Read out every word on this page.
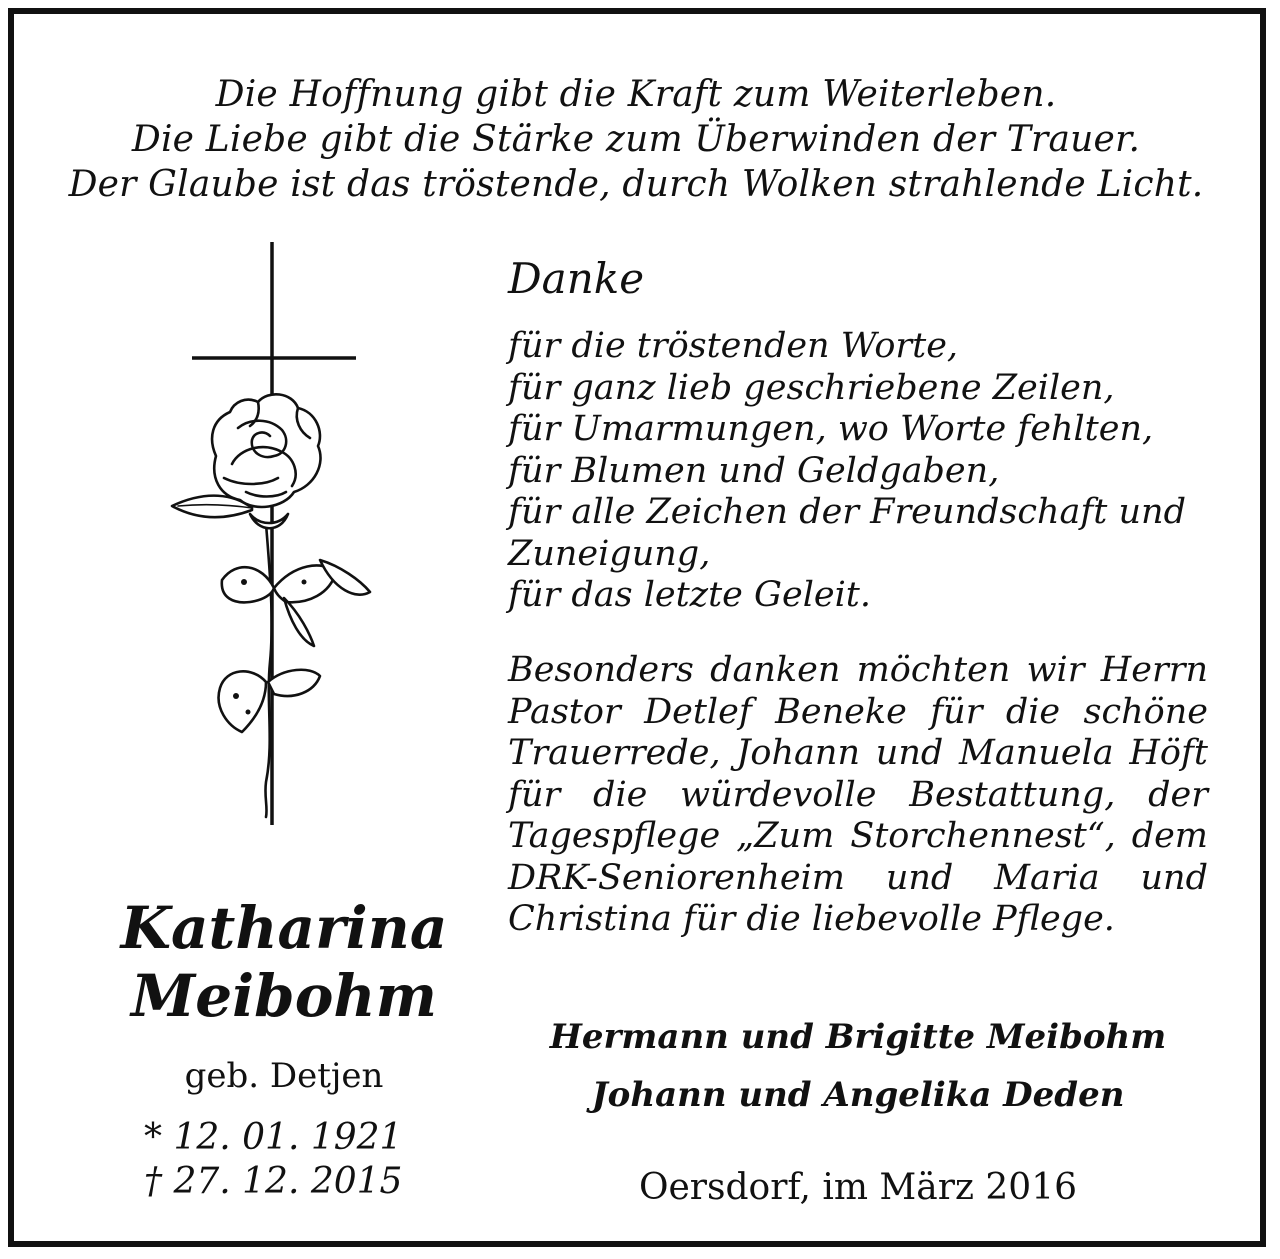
Die Hoffnung gibt die Kraft zum Weiterleben.
Die Liebe gibt die Stärke zum Überwinden der Trauer.
Der Glaube ist das tröstende, durch Wolken strahlende Licht.
Katharina
Meibohm
geb. Detjen
* 12. 01. 1921
† 27. 12. 2015
Danke
für die tröstenden Worte,
für ganz lieb geschriebene Zeilen,
für Umarmungen, wo Worte fehlten,
für Blumen und Geldgaben,
für alle Zeichen der Freundschaft und
Zuneigung,
für das letzte Geleit.
Besonders danken möchten wir Herrn
Pastor Detlef Beneke für die schöne
Trauerrede, Johann und Manuela Höft
für die würdevolle Bestattung, der
Tagespflege „Zum Storchennest“, dem
DRK-Seniorenheim und Maria und
Christina für die liebevolle Pflege.
Hermann und Brigitte Meibohm
Johann und Angelika Deden
Oersdorf, im März 2016
